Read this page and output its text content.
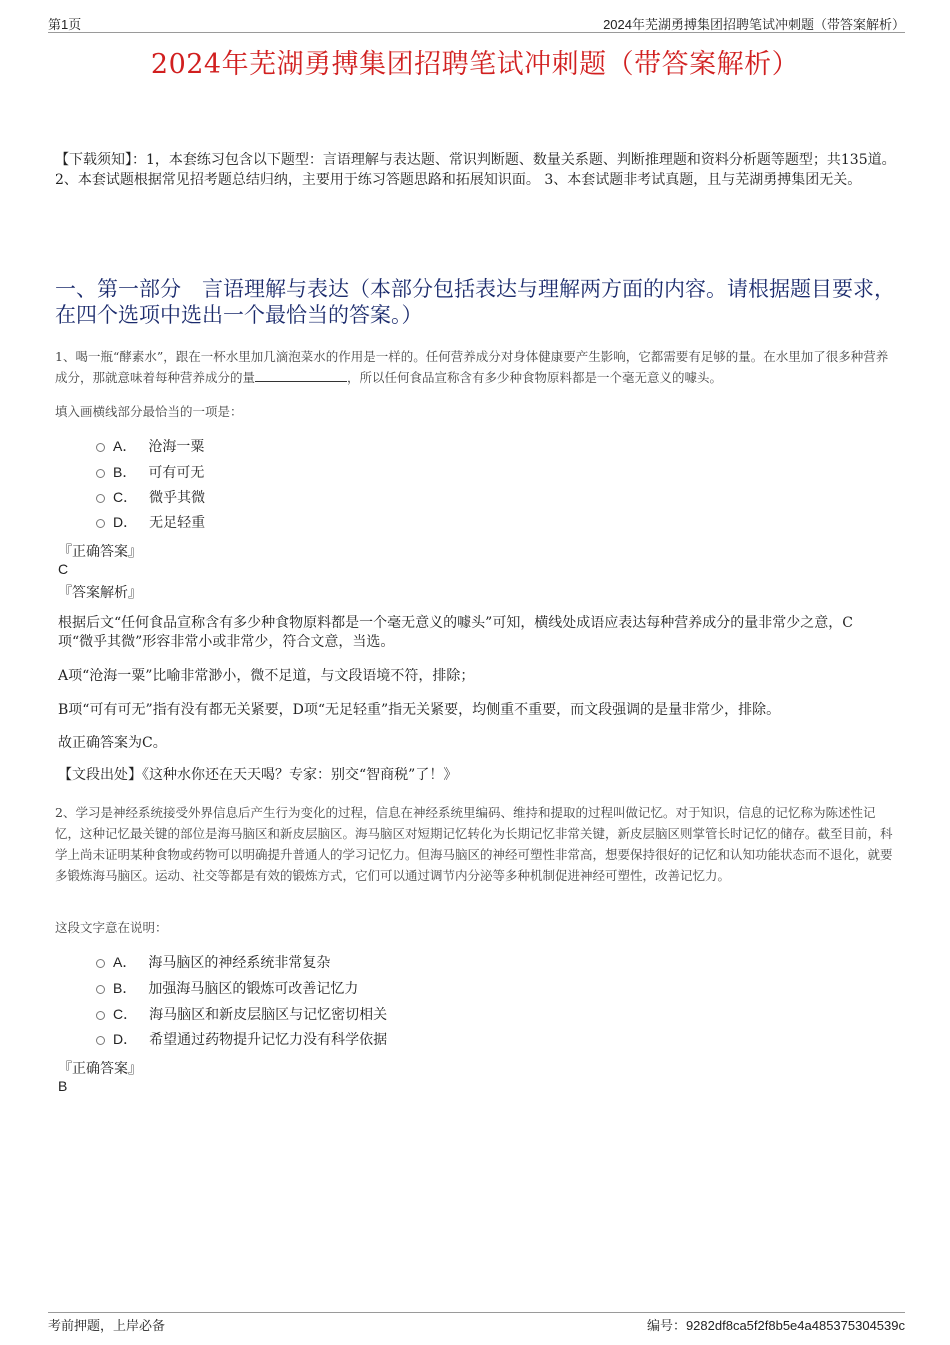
第1页	2024年芜湖勇搏集团招聘笔试冲刺题（带答案解析）
2024年芜湖勇搏集团招聘笔试冲刺题（带答案解析）
【下载须知】：1，本套练习包含以下题型：言语理解与表达题、常识判断题、数量关系题、判断推理题和资料分析题等题型；共135道。 2、本套试题根据常见招考题总结归纳，主要用于练习答题思路和拓展知识面。 3、本套试题非考试真题，且与芜湖勇搏集团无关。
一、第一部分　言语理解与表达（本部分包括表达与理解两方面的内容。请根据题目要求，在四个选项中选出一个最恰当的答案。）
1、喝一瓶“酵素水”，跟在一杯水里加几滴泡菜水的作用是一样的。任何营养成分对身体健康要产生影响，它都需要有足够的量。在水里加了很多种营养成分，那就意味着每种营养成分的量	，所以任何食品宣称含有多少种食物原料都是一个毫无意义的噱头。
填入画横线部分最恰当的一项是：
A． 沧海一粟
B． 可有可无
C． 微乎其微
D． 无足轻重
『正确答案』
C
『答案解析』
根据后文“任何食品宣称含有多少种食物原料都是一个毫无意义的噱头”可知，横线处成语应表达每种营养成分的量非常少之意，C项“微乎其微”形容非常小或非常少，符合文意，当选。
A项“沧海一粟”比喻非常渺小，微不足道，与文段语境不符，排除；
B项“可有可无”指有没有都无关紧要，D项“无足轻重”指无关紧要，均侧重不重要，而文段强调的是量非常少，排除。
故正确答案为C。
【文段出处】《这种水你还在天天喝？专家：别交“智商税”了！》
2、学习是神经系统接受外界信息后产生行为变化的过程，信息在神经系统里编码、维持和提取的过程叫做记忆。对于知识，信息的记忆称为陈述性记忆，这种记忆最关键的部位是海马脑区和新皮层脑区。海马脑区对短期记忆转化为长期记忆非常关键，新皮层脑区则掌管长时记忆的储存。截至目前，科学上尚未证明某种食物或药物可以明确提升普通人的学习记忆力。但海马脑区的神经可塑性非常高，想要保持很好的记忆和认知功能状态而不退化，就要多锻炼海马脑区。运动、社交等都是有效的锻炼方式，它们可以通过调节内分泌等多种机制促进神经可塑性，改善记忆力。
这段文字意在说明：
A． 海马脑区的神经系统非常复杂
B． 加强海马脑区的锻炼可改善记忆力
C． 海马脑区和新皮层脑区与记忆密切相关
D． 希望通过药物提升记忆力没有科学依据
『正确答案』
B
考前押题，上岸必备	编号：9282df8ca5f2f8b5e4a485375304539c
